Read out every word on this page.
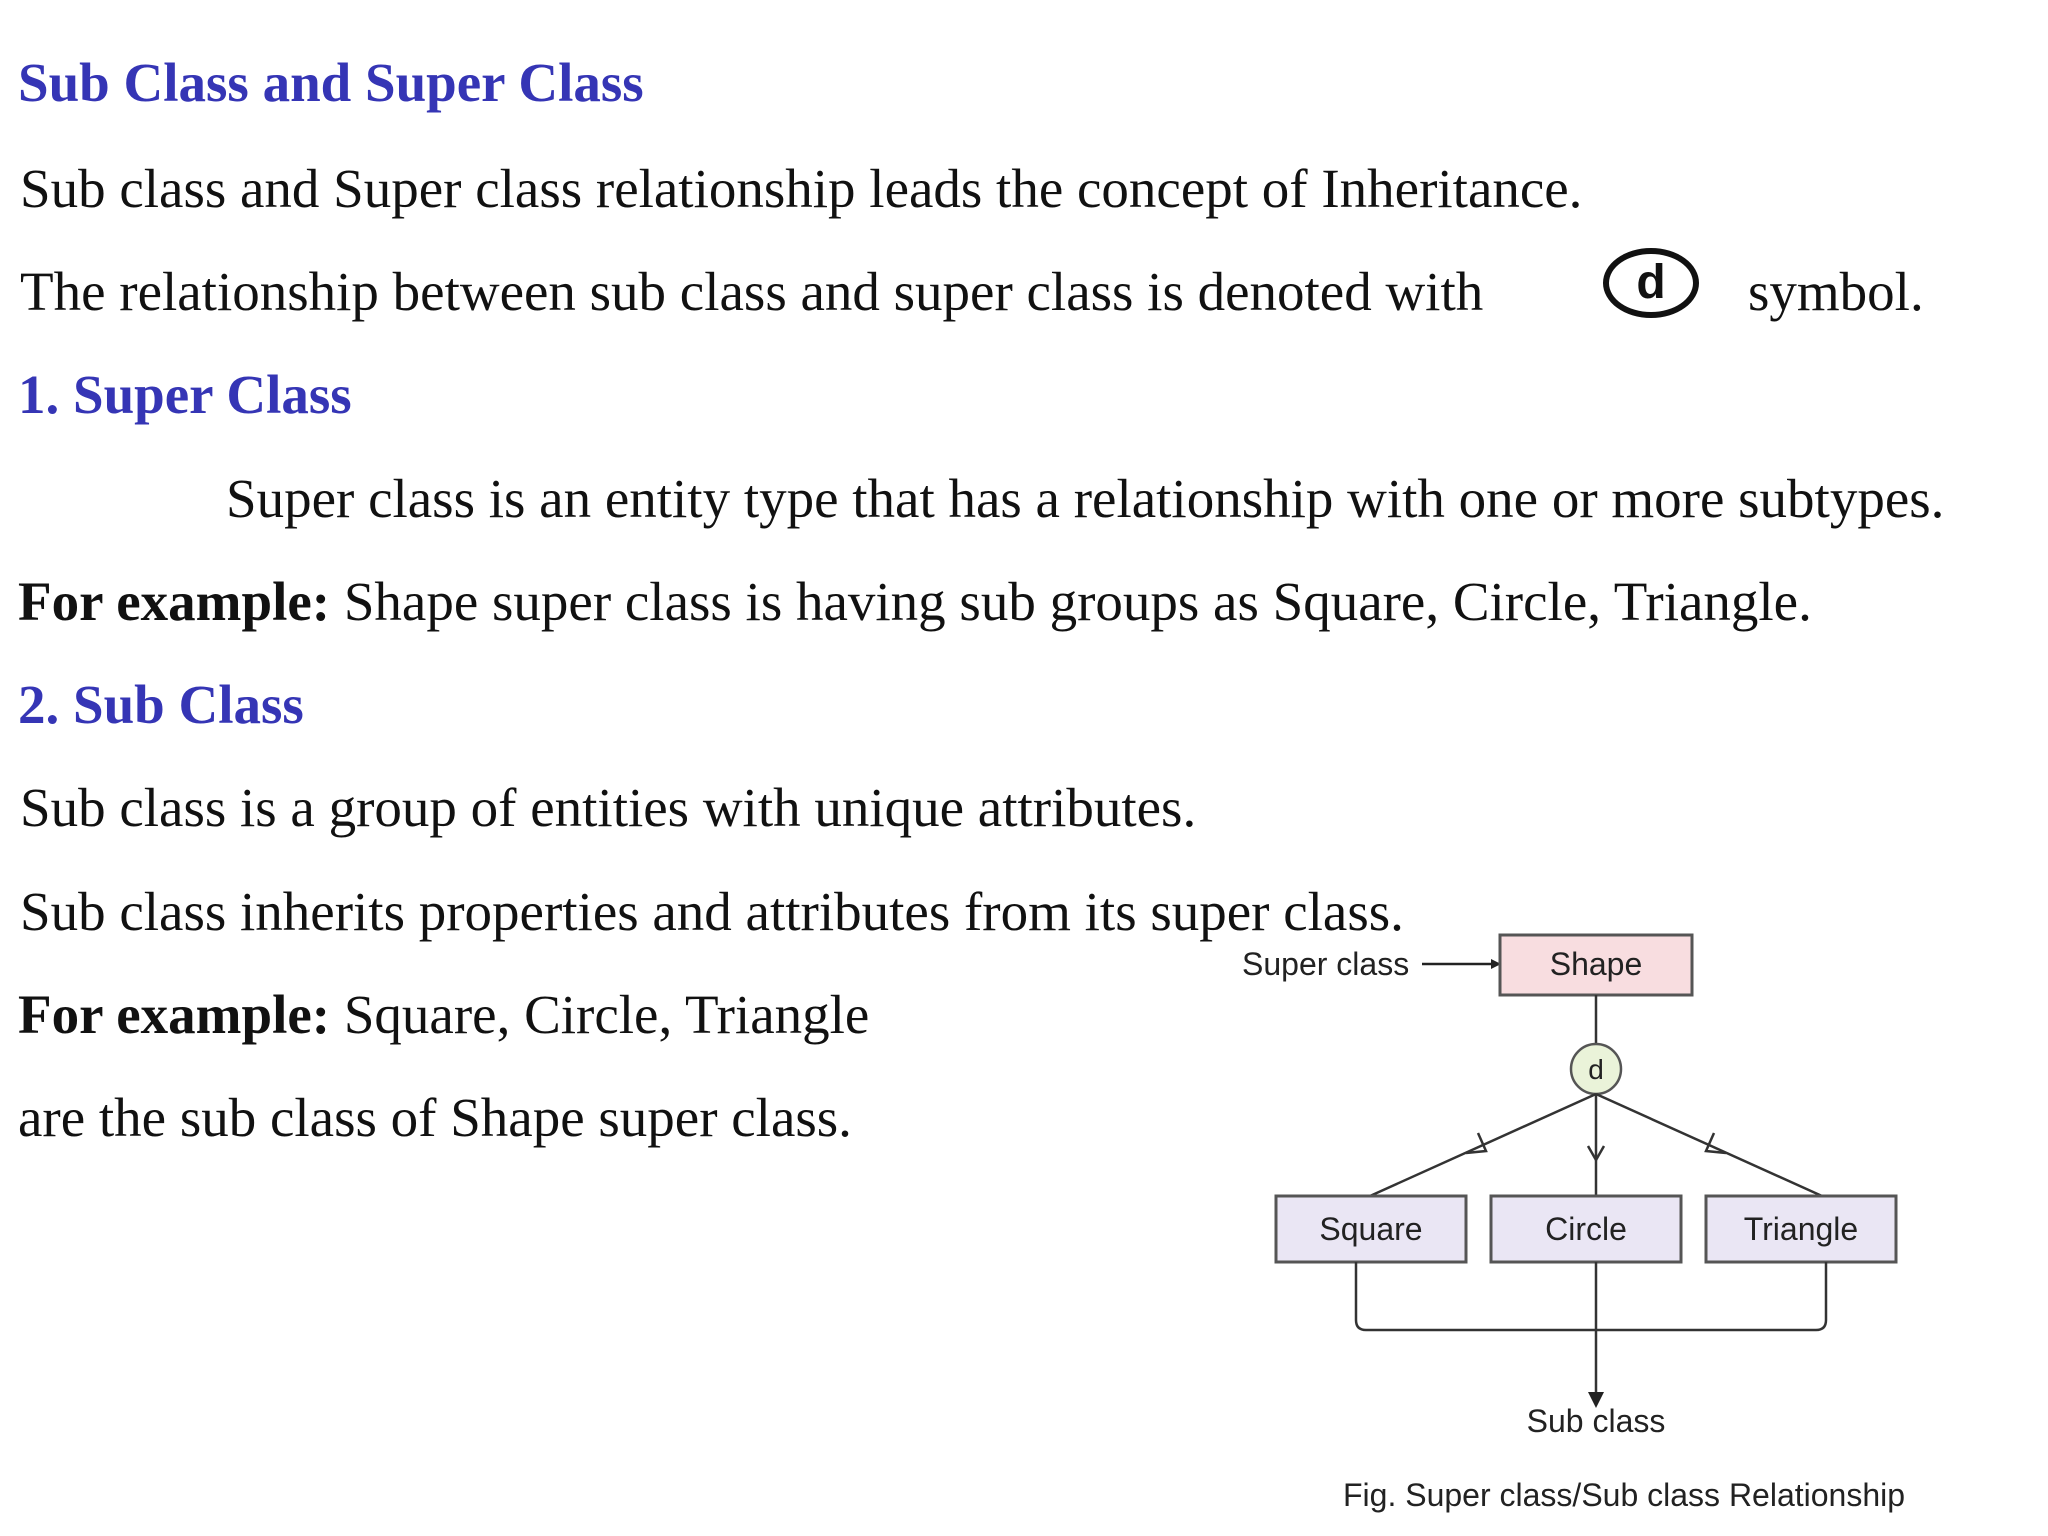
Sub Class and Super Class
Sub class and Super class relationship leads the concept of Inheritance.
The relationship between sub class and super class is denoted with	d symbol.
1. Super Class
Super class is an entity type that has a relationship with one or more subtypes.
For example: Shape super class is having sub groups as Square, Circle, Triangle.
2. Sub Class
Sub class is a group of entities with unique attributes.
Sub class inherits properties and attributes from its super class.
For example: Square, Circle, Triangle
are the sub class of Shape super class.
Super class	Shape
d
Square	Circle	Triangle
Sub class
Fig. Super class/Sub class Relationship
